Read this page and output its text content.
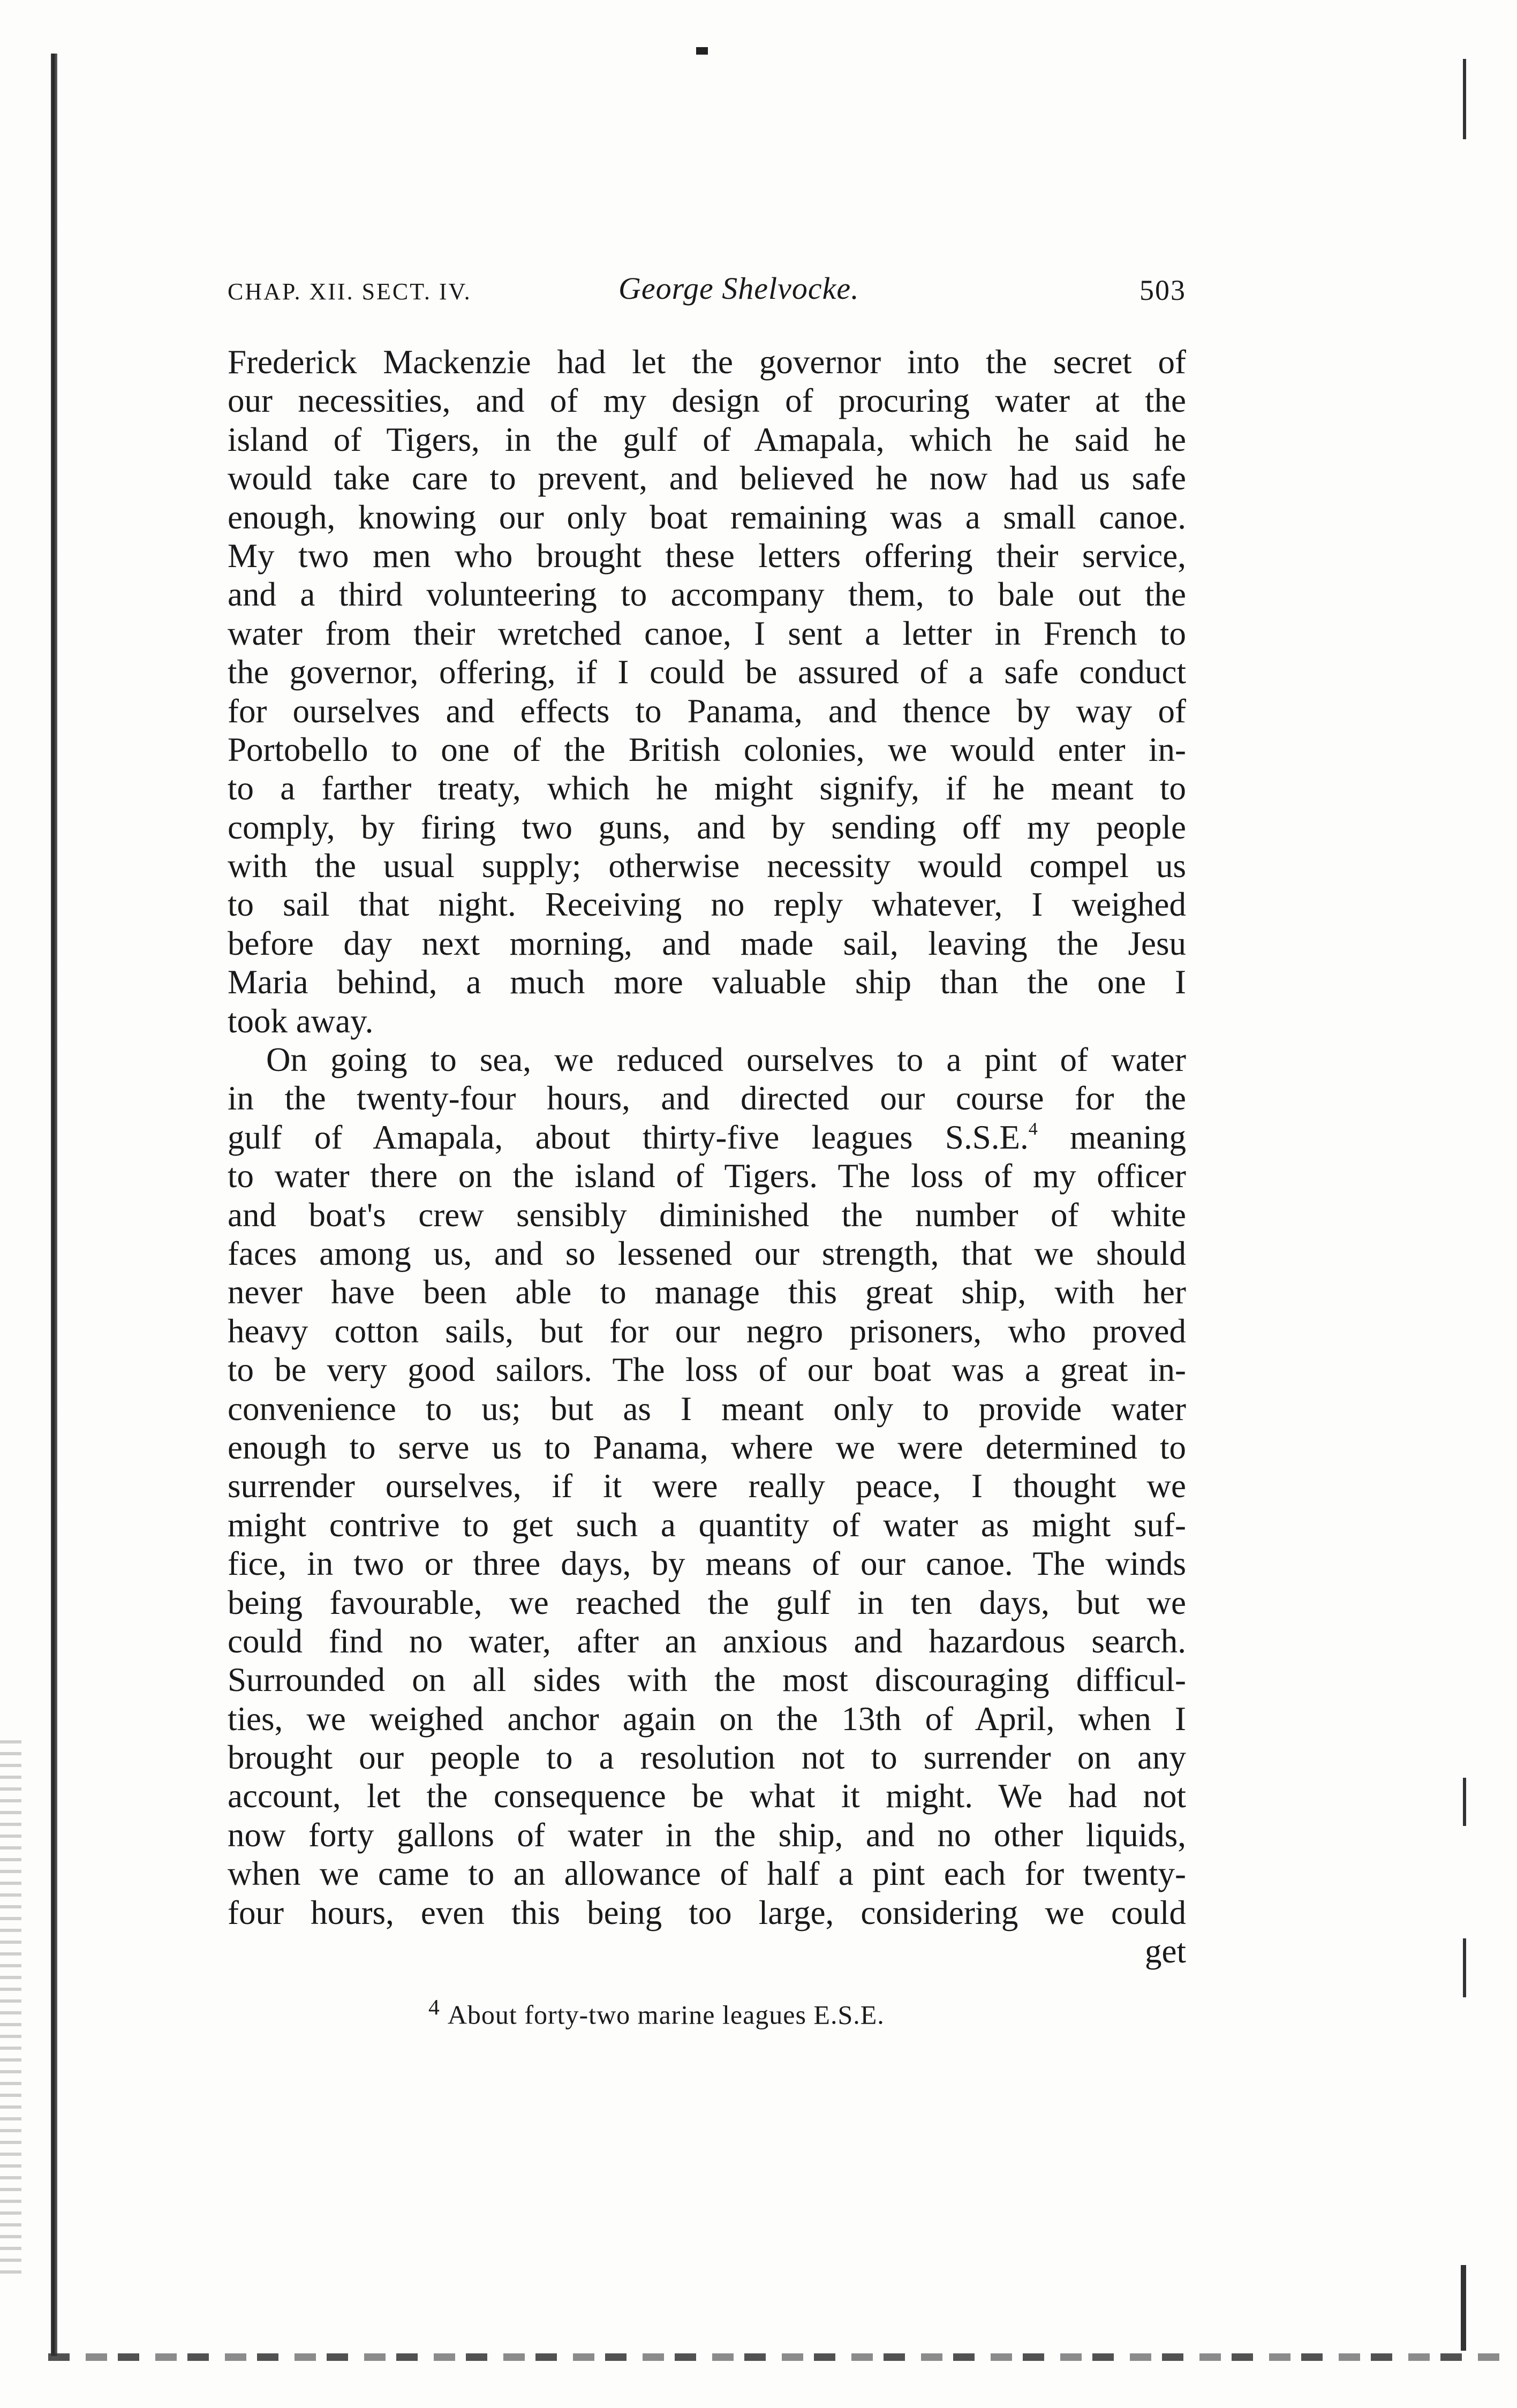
CHAP. XII. SECT. IV.	George Shelvocke.	503
Frederick Mackenzie had let the governor into the secret of
our necessities, and of my design of procuring water at the
island of Tigers, in the gulf of Amapala, which he said he
would take care to prevent, and believed he now had us safe
enough, knowing our only boat remaining was a small canoe.
My two men who brought these letters offering their service,
and a third volunteering to accompany them, to bale out the
water from their wretched canoe, I sent a letter in French to
the governor, offering, if I could be assured of a safe conduct
for ourselves and effects to Panama, and thence by way of
Portobello to one of the British colonies, we would enter in-
to a farther treaty, which he might signify, if he meant to
comply, by firing two guns, and by sending off my people
with the usual supply; otherwise necessity would compel us
to sail that night. Receiving no reply whatever, I weighed
before day next morning, and made sail, leaving the Jesu
Maria behind, a much more valuable ship than the one I
took away.
On going to sea, we reduced ourselves to a pint of water
in the twenty-four hours, and directed our course for the
gulf of Amapala, about thirty-five leagues S.S.E.$^4$ meaning
to water there on the island of Tigers. The loss of my officer
and boat's crew sensibly diminished the number of white
faces among us, and so lessened our strength, that we should
never have been able to manage this great ship, with her
heavy cotton sails, but for our negro prisoners, who proved
to be very good sailors. The loss of our boat was a great in-
convenience to us; but as I meant only to provide water
enough to serve us to Panama, where we were determined to
surrender ourselves, if it were really peace, I thought we
might contrive to get such a quantity of water as might suf-
fice, in two or three days, by means of our canoe. The winds
being favourable, we reached the gulf in ten days, but we
could find no water, after an anxious and hazardous search.
Surrounded on all sides with the most discouraging difficul-
ties, we weighed anchor again on the 13th of April, when I
brought our people to a resolution not to surrender on any
account, let the consequence be what it might. We had not
now forty gallons of water in the ship, and no other liquids,
when we came to an allowance of half a pint each for twenty-
four hours, even this being too large, considering we could
get
$^4$ About forty-two marine leagues E.S.E.
